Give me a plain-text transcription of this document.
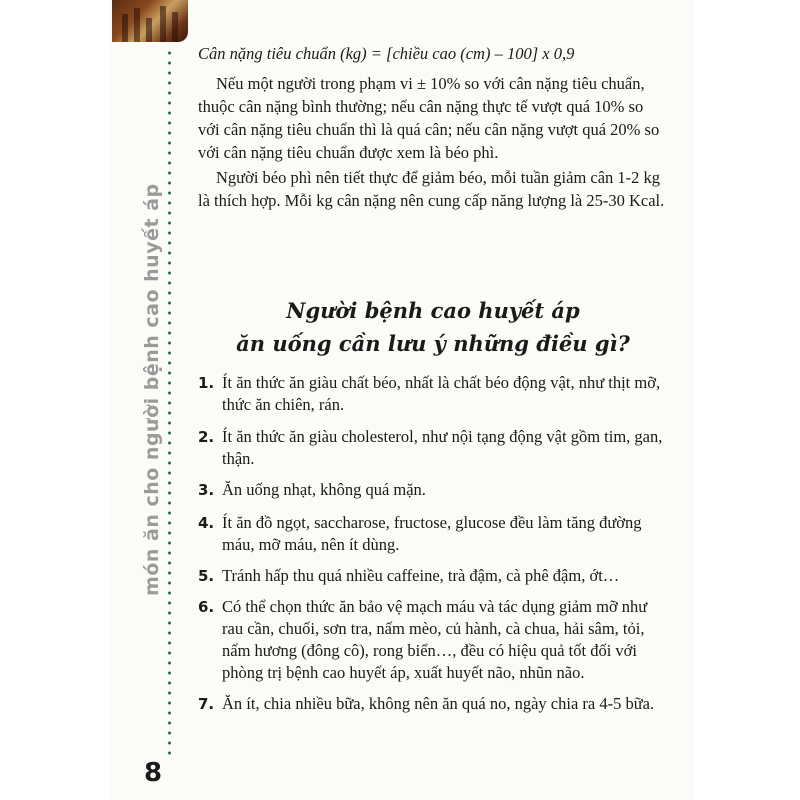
món ăn cho người bệnh cao huyết áp
8
Cân nặng tiêu chuẩn (kg) = [chiều cao (cm) – 100] x 0,9
Nếu một người trong phạm vi ± 10% so với cân nặng tiêu chuẩn, thuộc cân nặng bình thường; nếu cân nặng thực tế vượt quá 10% so với cân nặng tiêu chuẩn thì là quá cân; nếu cân nặng vượt quá 20% so với cân nặng tiêu chuẩn được xem là béo phì.
Người béo phì nên tiết thực để giảm béo, mỗi tuần giảm cân 1-2 kg là thích hợp. Mỗi kg cân nặng nên cung cấp năng lượng là 25-30 Kcal.
Người bệnh cao huyết áp
ăn uống cần lưu ý những điều gì?
1. Ít ăn thức ăn giàu chất béo, nhất là chất béo động vật, như thịt mỡ, thức ăn chiên, rán.
2. Ít ăn thức ăn giàu cholesterol, như nội tạng động vật gồm tim, gan, thận.
3. Ăn uống nhạt, không quá mặn.
4. Ít ăn đồ ngọt, saccharose, fructose, glucose đều làm tăng đường máu, mỡ máu, nên ít dùng.
5. Tránh hấp thu quá nhiều caffeine, trà đậm, cà phê đậm, ớt…
6. Có thể chọn thức ăn bảo vệ mạch máu và tác dụng giảm mỡ như rau cần, chuối, sơn tra, nấm mèo, củ hành, cà chua, hải sâm, tỏi, nấm hương (đông cô), rong biển…, đều có hiệu quả tốt đối với phòng trị bệnh cao huyết áp, xuất huyết não, nhũn não.
7. Ăn ít, chia nhiều bữa, không nên ăn quá no, ngày chia ra 4-5 bữa.
